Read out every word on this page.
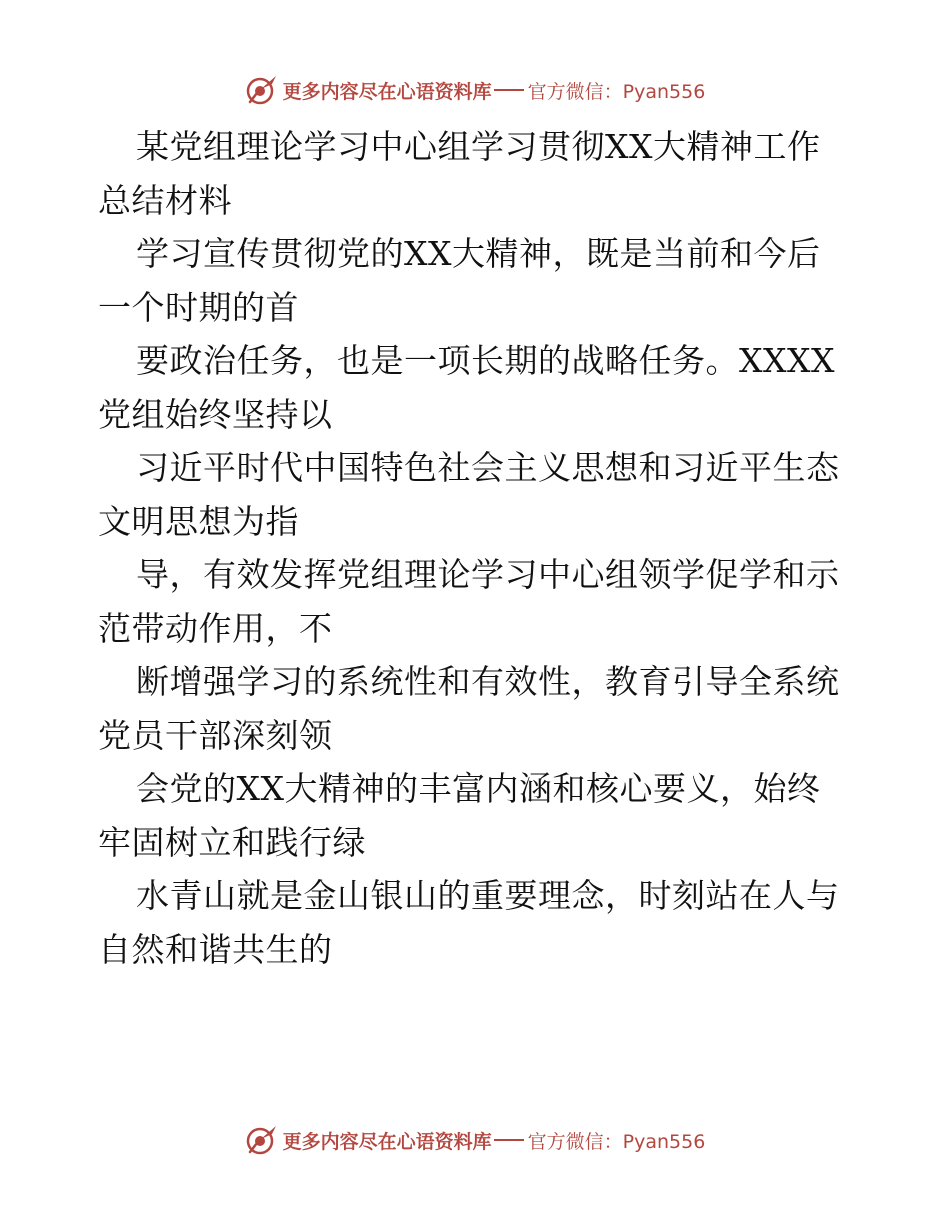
更多内容尽在心语资料库 官方微信：Pyan556

某党组理论学习中心组学习贯彻XX大精神工作
总结材料

学习宣传贯彻党的XX大精神，既是当前和今后
一个时期的首

要政治任务，也是一项长期的战略任务。XXXX
党组始终坚持以

习近平时代中国特色社会主义思想和习近平生态
文明思想为指

导，有效发挥党组理论学习中心组领学促学和示
范带动作用，不

断增强学习的系统性和有效性，教育引导全系统
党员干部深刻领

会党的XX大精神的丰富内涵和核心要义，始终
牢固树立和践行绿

水青山就是金山银山的重要理念，时刻站在人与
自然和谐共生的

更多内容尽在心语资料库 官方微信：Pyan556
